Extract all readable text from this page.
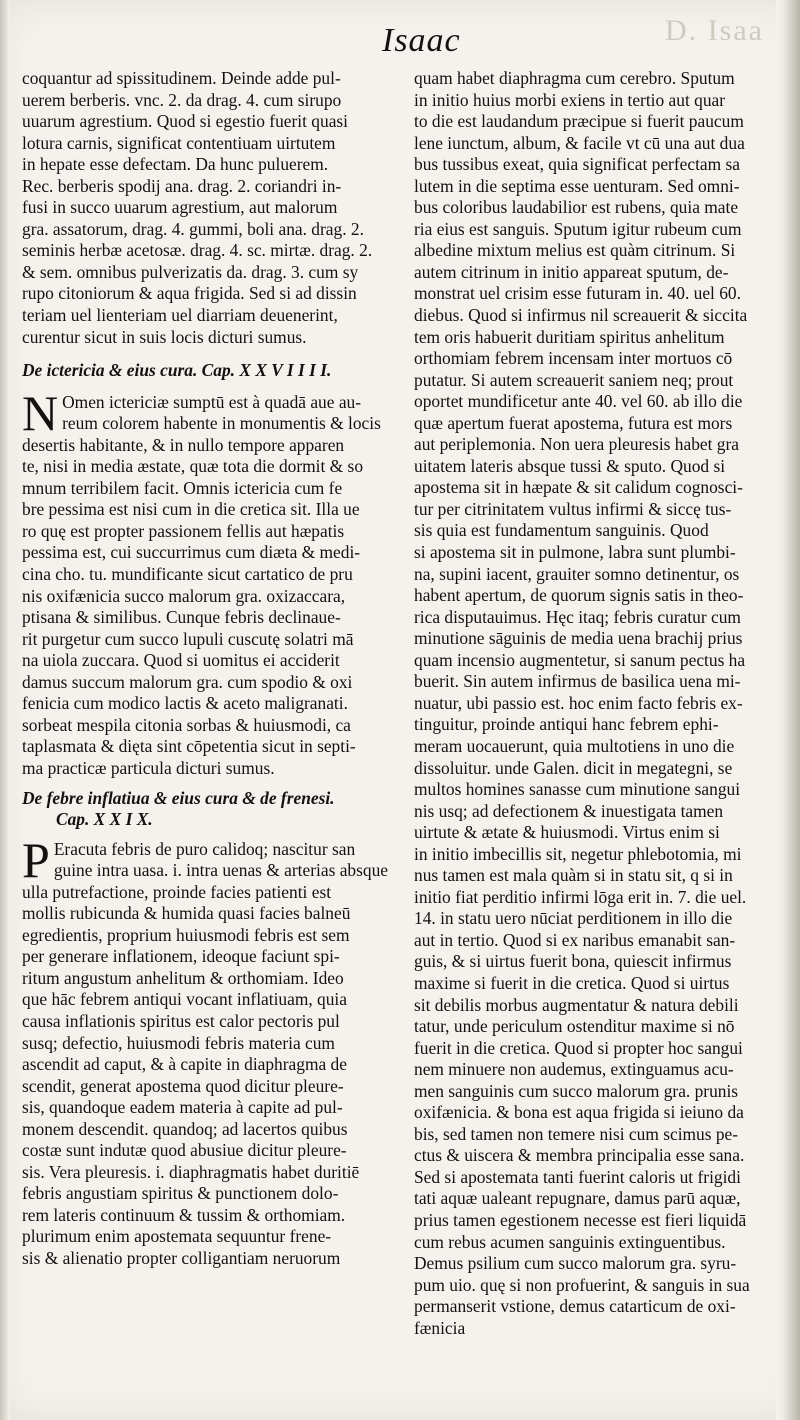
D. Isaa
Isaac
coquantur ad spissitudinem. Deinde adde pul-
uerem berberis. vnc. 2. da drag. 4. cum sirupo
uuarum agrestium. Quod si egestio fuerit quasi
lotura carnis, significat contentiuam uirtutem
in hepate esse defectam. Da hunc puluerem.
Rec. berberis spodij ana. drag. 2. coriandri in-
fusi in succo uuarum agrestium, aut malorum
gra. assatorum, drag. 4. gummi, boli ana. drag. 2.
seminis herbæ acetosæ. drag. 4. sc. mirtæ. drag. 2.
& sem. omnibus pulverizatis da. drag. 3. cum sy
rupo citoniorum & aqua frigida. Sed si ad dissin
teriam uel lienteriam uel diarriam deuenerint,
curentur sicut in suis locis dicturi sumus.
De ictericia & eius cura. Cap. X X V I I I I.
N Omen ictericiæ sumptū est à quadā aue au-
reum colorem habente in monumentis & locis
desertis habitante, & in nullo tempore apparen
te, nisi in media æstate, quæ tota die dormit & so
mnum terribilem facit. Omnis ictericia cum fe
bre pessima est nisi cum in die cretica sit. Illa ue
ro quę est propter passionem fellis aut hæpatis
pessima est, cui succurrimus cum diæta & medi-
cina cho. tu. mundificante sicut cartatico de pru
nis oxifænicia succo malorum gra. oxizaccara,
ptisana & similibus. Cunque febris declinaue-
rit purgetur cum succo lupuli cuscutę solatri mā
na uiola zuccara. Quod si uomitus ei acciderit
damus succum malorum gra. cum spodio & oxi
fenicia cum modico lactis & aceto maligranati.
sorbeat mespila citonia sorbas & huiusmodi, ca
taplasmata & dięta sint cōpetentia sicut in septi-
ma practicæ particula dicturi sumus.
De febre inflatiua & eius cura & de frenesi.
Cap. X X I X.
P Eracuta febris de puro calidoq; nascitur san
guine intra uasa. i. intra uenas & arterias absque
ulla putrefactione, proinde facies patienti est
mollis rubicunda & humida quasi facies balneū
egredientis, proprium huiusmodi febris est sem
per generare inflationem, ideoque faciunt spi-
ritum angustum anhelitum & orthomiam. Ideo
que hāc febrem antiqui vocant inflatiuam, quia
causa inflationis spiritus est calor pectoris pul
susq; defectio, huiusmodi febris materia cum
ascendit ad caput, & à capite in diaphragma de
scendit, generat apostema quod dicitur pleure-
sis, quandoque eadem materia à capite ad pul-
monem descendit. quandoq; ad lacertos quibus
costæ sunt indutæ quod abusiue dicitur pleure-
sis. Vera pleuresis. i. diaphragmatis habet duritiē
febris angustiam spiritus & punctionem dolo-
rem lateris continuum & tussim & orthomiam.
plurimum enim apostemata sequuntur frene-
sis & alienatio propter colligantiam neruorum
quam habet diaphragma cum cerebro. Sputum
in initio huius morbi exiens in tertio aut quar
to die est laudandum præcipue si fuerit paucum
lene iunctum, album, & facile vt cū una aut dua
bus tussibus exeat, quia significat perfectam sa
lutem in die septima esse uenturam. Sed omni-
bus coloribus laudabilior est rubens, quia mate
ria eius est sanguis. Sputum igitur rubeum cum
albedine mixtum melius est quàm citrinum. Si
autem citrinum in initio appareat sputum, de-
monstrat uel crisim esse futuram in. 40. uel 60.
diebus. Quod si infirmus nil screauerit & siccita
tem oris habuerit duritiam spiritus anhelitum
orthomiam febrem incensam inter mortuos cō
putatur. Si autem screauerit saniem neq; prout
oportet mundificetur ante 40. vel 60. ab illo die
quæ apertum fuerat apostema, futura est mors
aut periplemonia. Non uera pleuresis habet gra
uitatem lateris absque tussi & sputo. Quod si
apostema sit in hæpate & sit calidum cognosci-
tur per citrinitatem vultus infirmi & siccę tus-
sis quia est fundamentum sanguinis. Quod
si apostema sit in pulmone, labra sunt plumbi-
na, supini iacent, grauiter somno detinentur, os
habent apertum, de quorum signis satis in theo-
rica disputauimus. Hęc itaq; febris curatur cum
minutione sāguinis de media uena brachij prius
quam incensio augmentetur, si sanum pectus ha
buerit. Sin autem infirmus de basilica uena mi-
nuatur, ubi passio est. hoc enim facto febris ex-
tinguitur, proinde antiqui hanc febrem ephi-
meram uocauerunt, quia multotiens in uno die
dissoluitur. unde Galen. dicit in megategni, se
multos homines sanasse cum minutione sangui
nis usq; ad defectionem & inuestigata tamen
uirtute & ætate & huiusmodi. Virtus enim si
in initio imbecillis sit, negetur phlebotomia, mi
nus tamen est mala quàm si in statu sit, q si in
initio fiat perditio infirmi lōga erit in. 7. die uel.
14. in statu uero nūciat perditionem in illo die
aut in tertio. Quod si ex naribus emanabit san-
guis, & si uirtus fuerit bona, quiescit infirmus
maxime si fuerit in die cretica. Quod si uirtus
sit debilis morbus augmentatur & natura debili
tatur, unde periculum ostenditur maxime si nō
fuerit in die cretica. Quod si propter hoc sangui
nem minuere non audemus, extinguamus acu-
men sanguinis cum succo malorum gra. prunis
oxifænicia. & bona est aqua frigida si ieiuno da
bis, sed tamen non temere nisi cum scimus pe-
ctus & uiscera & membra principalia esse sana.
Sed si apostemata tanti fuerint caloris ut frigidi
tati aquæ ualeant repugnare, damus parū aquæ,
prius tamen egestionem necesse est fieri liquidā
cum rebus acumen sanguinis extinguentibus.
Demus psilium cum succo malorum gra. syru-
pum uio. quę si non profuerint, & sanguis in sua
permanserit vstione, demus catarticum de oxi-
fænicia
